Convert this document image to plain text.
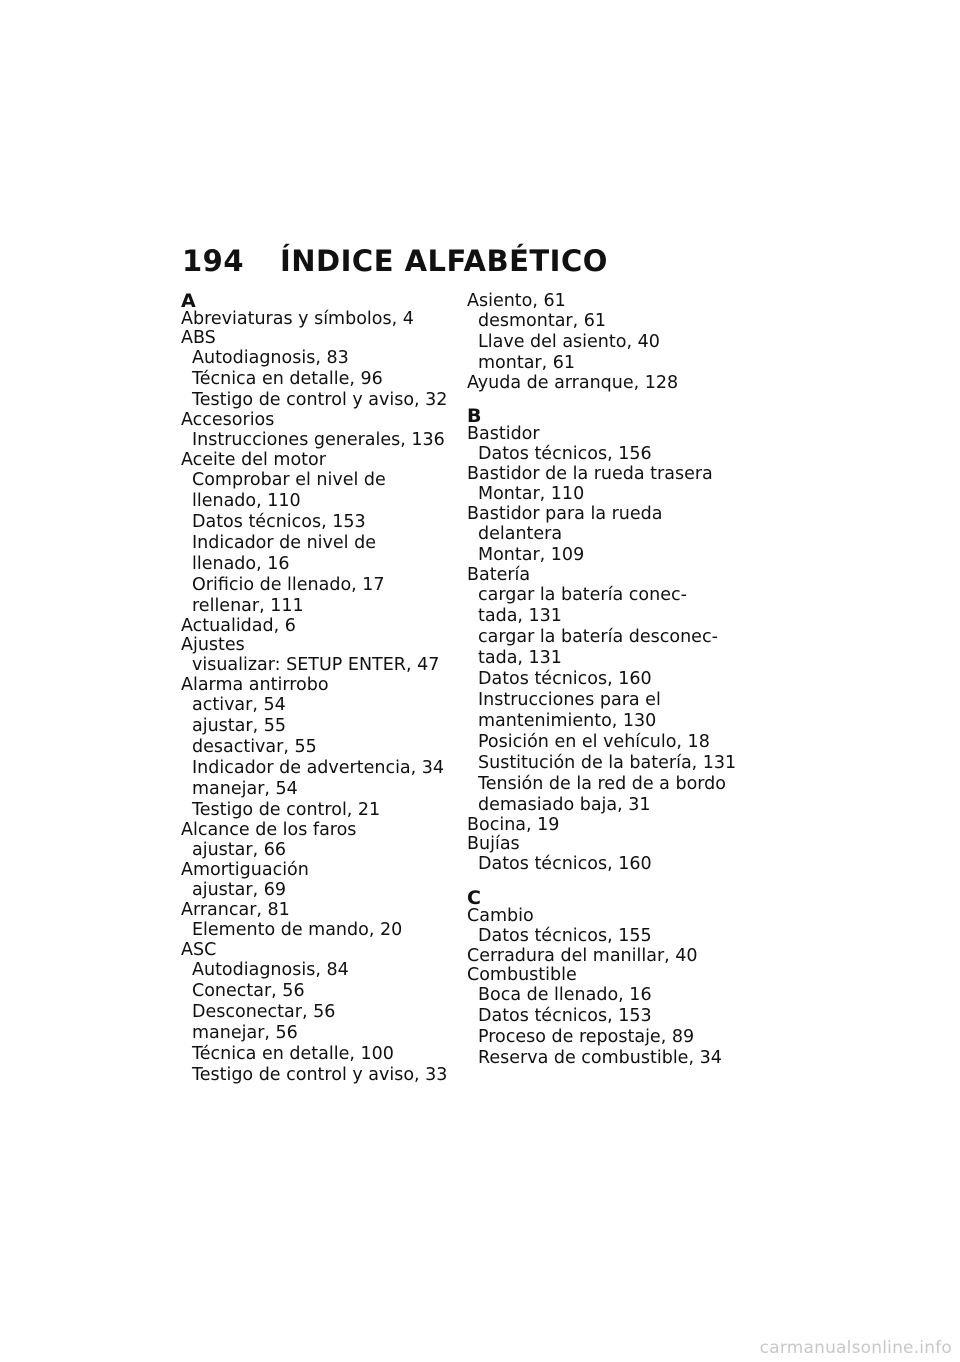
194 ÍNDICE ALFABÉTICO
A
Abreviaturas y símbolos, 4
ABS
Autodiagnosis, 83
Técnica en detalle, 96
Testigo de control y aviso, 32
Accesorios
Instrucciones generales, 136
Aceite del motor
Comprobar el nivel de
llenado, 110
Datos técnicos, 153
Indicador de nivel de
llenado, 16
Orificio de llenado, 17
rellenar, 111
Actualidad, 6
Ajustes
visualizar: SETUP ENTER, 47
Alarma antirrobo
activar, 54
ajustar, 55
desactivar, 55
Indicador de advertencia, 34
manejar, 54
Testigo de control, 21
Alcance de los faros
ajustar, 66
Amortiguación
ajustar, 69
Arrancar, 81
Elemento de mando, 20
ASC
Autodiagnosis, 84
Conectar, 56
Desconectar, 56
manejar, 56
Técnica en detalle, 100
Testigo de control y aviso, 33
Asiento, 61
desmontar, 61
Llave del asiento, 40
montar, 61
Ayuda de arranque, 128
B
Bastidor
Datos técnicos, 156
Bastidor de la rueda trasera
Montar, 110
Bastidor para la rueda
delantera
Montar, 109
Batería
cargar la batería conec-
tada, 131
cargar la batería desconec-
tada, 131
Datos técnicos, 160
Instrucciones para el
mantenimiento, 130
Posición en el vehículo, 18
Sustitución de la batería, 131
Tensión de la red de a bordo
demasiado baja, 31
Bocina, 19
Bujías
Datos técnicos, 160
C
Cambio
Datos técnicos, 155
Cerradura del manillar, 40
Combustible
Boca de llenado, 16
Datos técnicos, 153
Proceso de repostaje, 89
Reserva de combustible, 34
carmanualsonline.info
